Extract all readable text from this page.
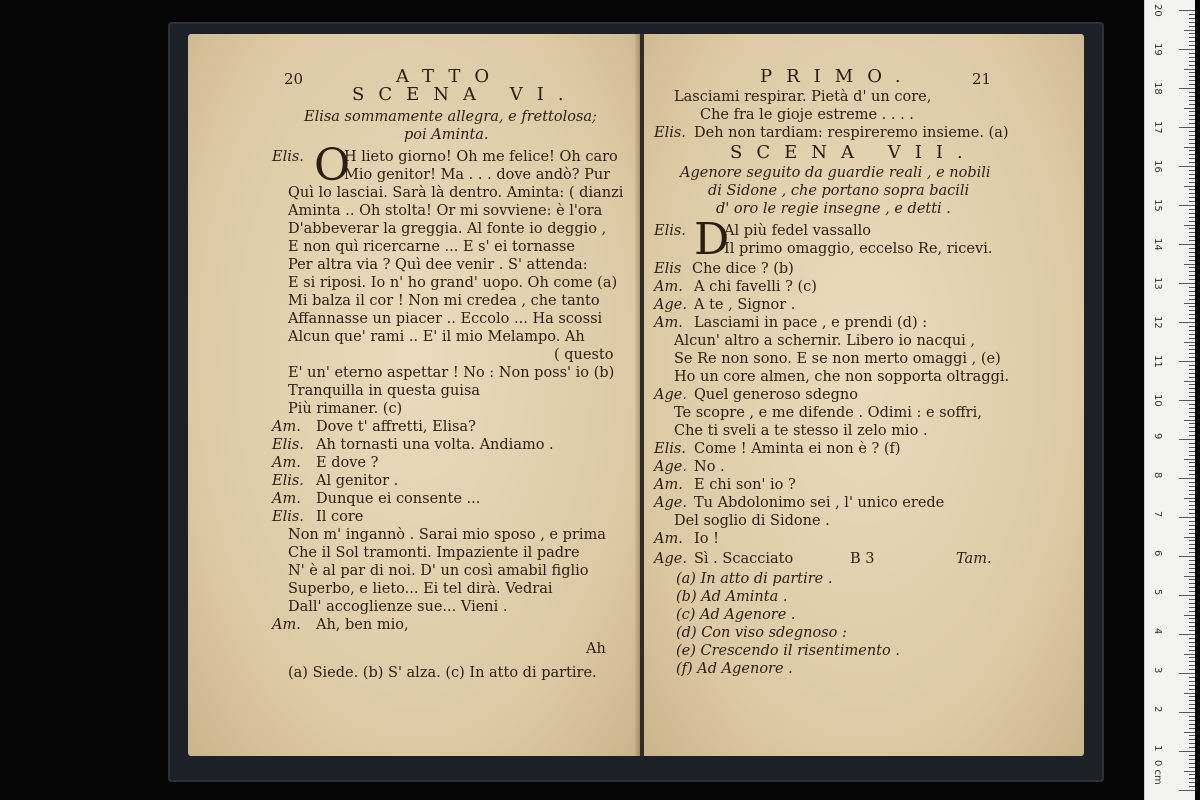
20	ATTO
SCENA VI.
Elisa sommamente allegra, e frettolosa;
poi Aminta.
Elis. O
H lieto giorno! Oh me felice! Oh caro
Mio genitor! Ma . . . dove andò? Pur
Quì lo lasciai. Sarà là dentro. Aminta: ( dianzi
Aminta .. Oh stolta! Or mi sovviene: è l'ora
D'abbeverar la greggia. Al fonte io deggio ,
E non quì ricercarne ... E s' ei tornasse
Per altra via ? Quì dee venir . S' attenda:
E si riposi. Io n' ho grand' uopo. Oh come (a)
Mi balza il cor ! Non mi credea , che tanto
Affannasse un piacer .. Eccolo ... Ha scossi
Alcun que' rami .. E' il mio Melampo. Ah
( questo
E' un' eterno aspettar ! No : Non poss' io (b)
Tranquilla in questa guisa
Più rimaner. (c)
Am. Dove t' affretti, Elisa?
Elis. Ah tornasti una volta. Andiamo .
Am. E dove ?
Elis. Al genitor .
Am. Dunque ei consente ...
Elis. Il core
Non m' ingannò . Sarai mio sposo , e prima
Che il Sol tramonti. Impaziente il padre
N' è al par di noi. D' un così amabil figlio
Superbo, e lieto... Ei tel dirà. Vedrai
Dall' accoglienze sue... Vieni .
Am. Ah, ben mio,
Ah
(a) Siede. (b) S' alza. (c) In atto di partire.
PRIMO.	21
Lasciami respirar. Pietà d' un core,
Che fra le gioje estreme . . . .
Elis. Deh non tardiam: respireremo insieme. (a)
SCENA VII.
Agenore seguito da guardie reali , e nobili
di Sidone , che portano sopra bacili
d' oro le regie insegne , e detti .
Elis. D
Al più fedel vassallo
Il primo omaggio, eccelso Re, ricevi.
Elis Che dice ? (b)
Am. A chi favelli ? (c)
Age. A te , Signor .
Am. Lasciami in pace , e prendi (d) :
Alcun' altro a schernir. Libero io nacqui ,
Se Re non sono. E se non merto omaggi , (e)
Ho un core almen, che non sopporta oltraggi.
Age. Quel generoso sdegno
Te scopre , e me difende . Odimi : e soffri,
Che ti sveli a te stesso il zelo mio .
Elis. Come ! Aminta ei non è ? (f)
Age. No .
Am. E chi son' io ?
Age. Tu Abdolonimo sei , l' unico erede
Del soglio di Sidone .
Am. Io !
Age. Sì . Scacciato	B 3	Tam.
(a) In atto di partire .
(b) Ad Aminta .
(c) Ad Agenore .
(d) Con viso sdegnoso :
(e) Crescendo il risentimento .
(f) Ad Agenore .
0 cm
1
2
3
4
5
6
7
8
9
10
11
12
13
14
15
16
17
18
19
20
